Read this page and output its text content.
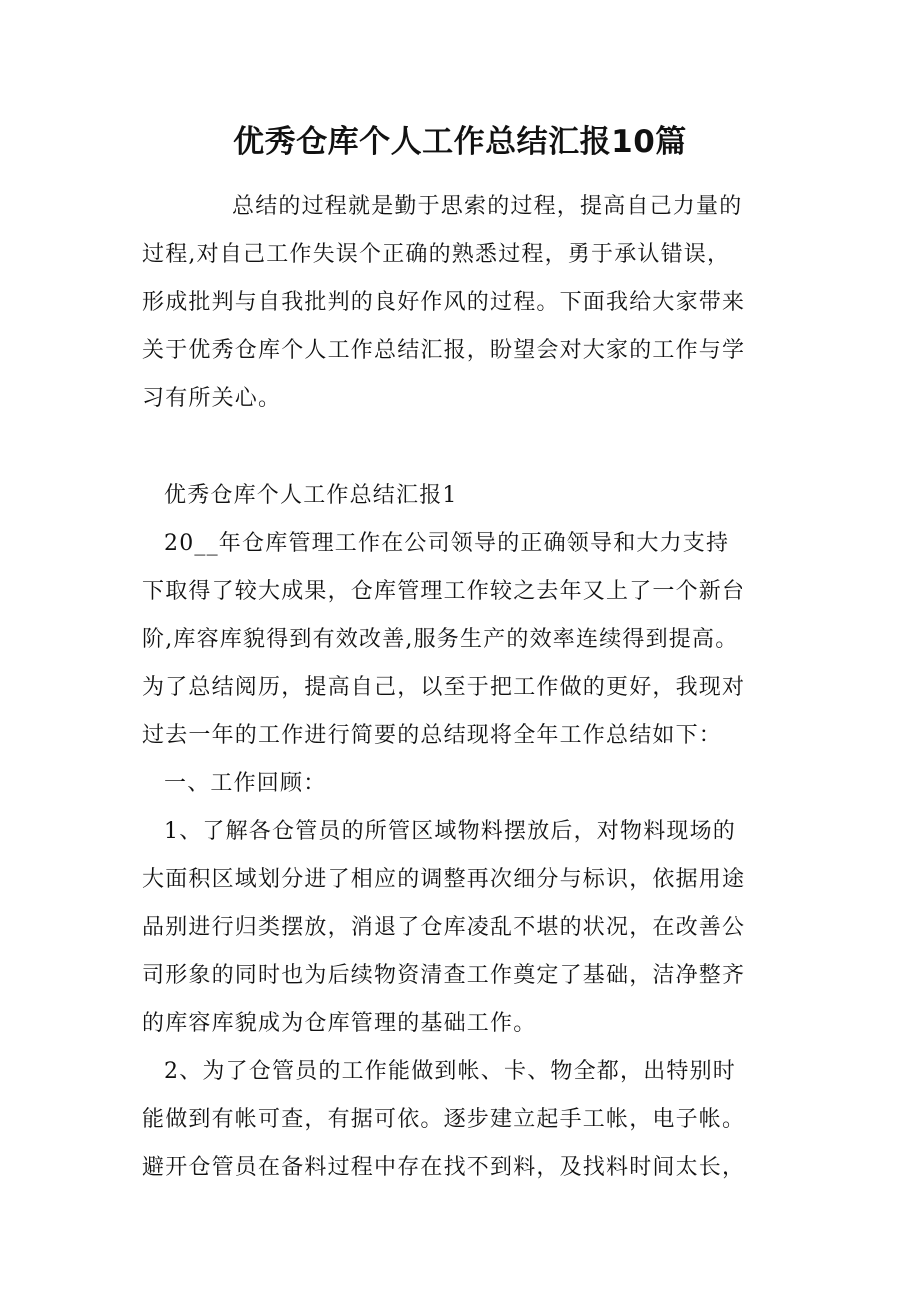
优秀仓库个人工作总结汇报10篇
总结的过程就是勤于思索的过程，提高自己力量的
过程,对自己工作失误个正确的熟悉过程，勇于承认错误，
形成批判与自我批判的良好作风的过程。下面我给大家带来
关于优秀仓库个人工作总结汇报，盼望会对大家的工作与学
习有所关心。
优秀仓库个人工作总结汇报1
20__年仓库管理工作在公司领导的正确领导和大力支持
下取得了较大成果，仓库管理工作较之去年又上了一个新台
阶,库容库貌得到有效改善,服务生产的效率连续得到提高。
为了总结阅历，提高自己，以至于把工作做的更好，我现对
过去一年的工作进行简要的总结现将全年工作总结如下：
一、工作回顾：
1、了解各仓管员的所管区域物料摆放后，对物料现场的
大面积区域划分进了相应的调整再次细分与标识，依据用途
品别进行归类摆放，消退了仓库凌乱不堪的状况，在改善公
司形象的同时也为后续物资清查工作奠定了基础，洁净整齐
的库容库貌成为仓库管理的基础工作。
2、为了仓管员的工作能做到帐、卡、物全都，出特别时
能做到有帐可查，有据可依。逐步建立起手工帐，电子帐。
避开仓管员在备料过程中存在找不到料，及找料时间太长，
